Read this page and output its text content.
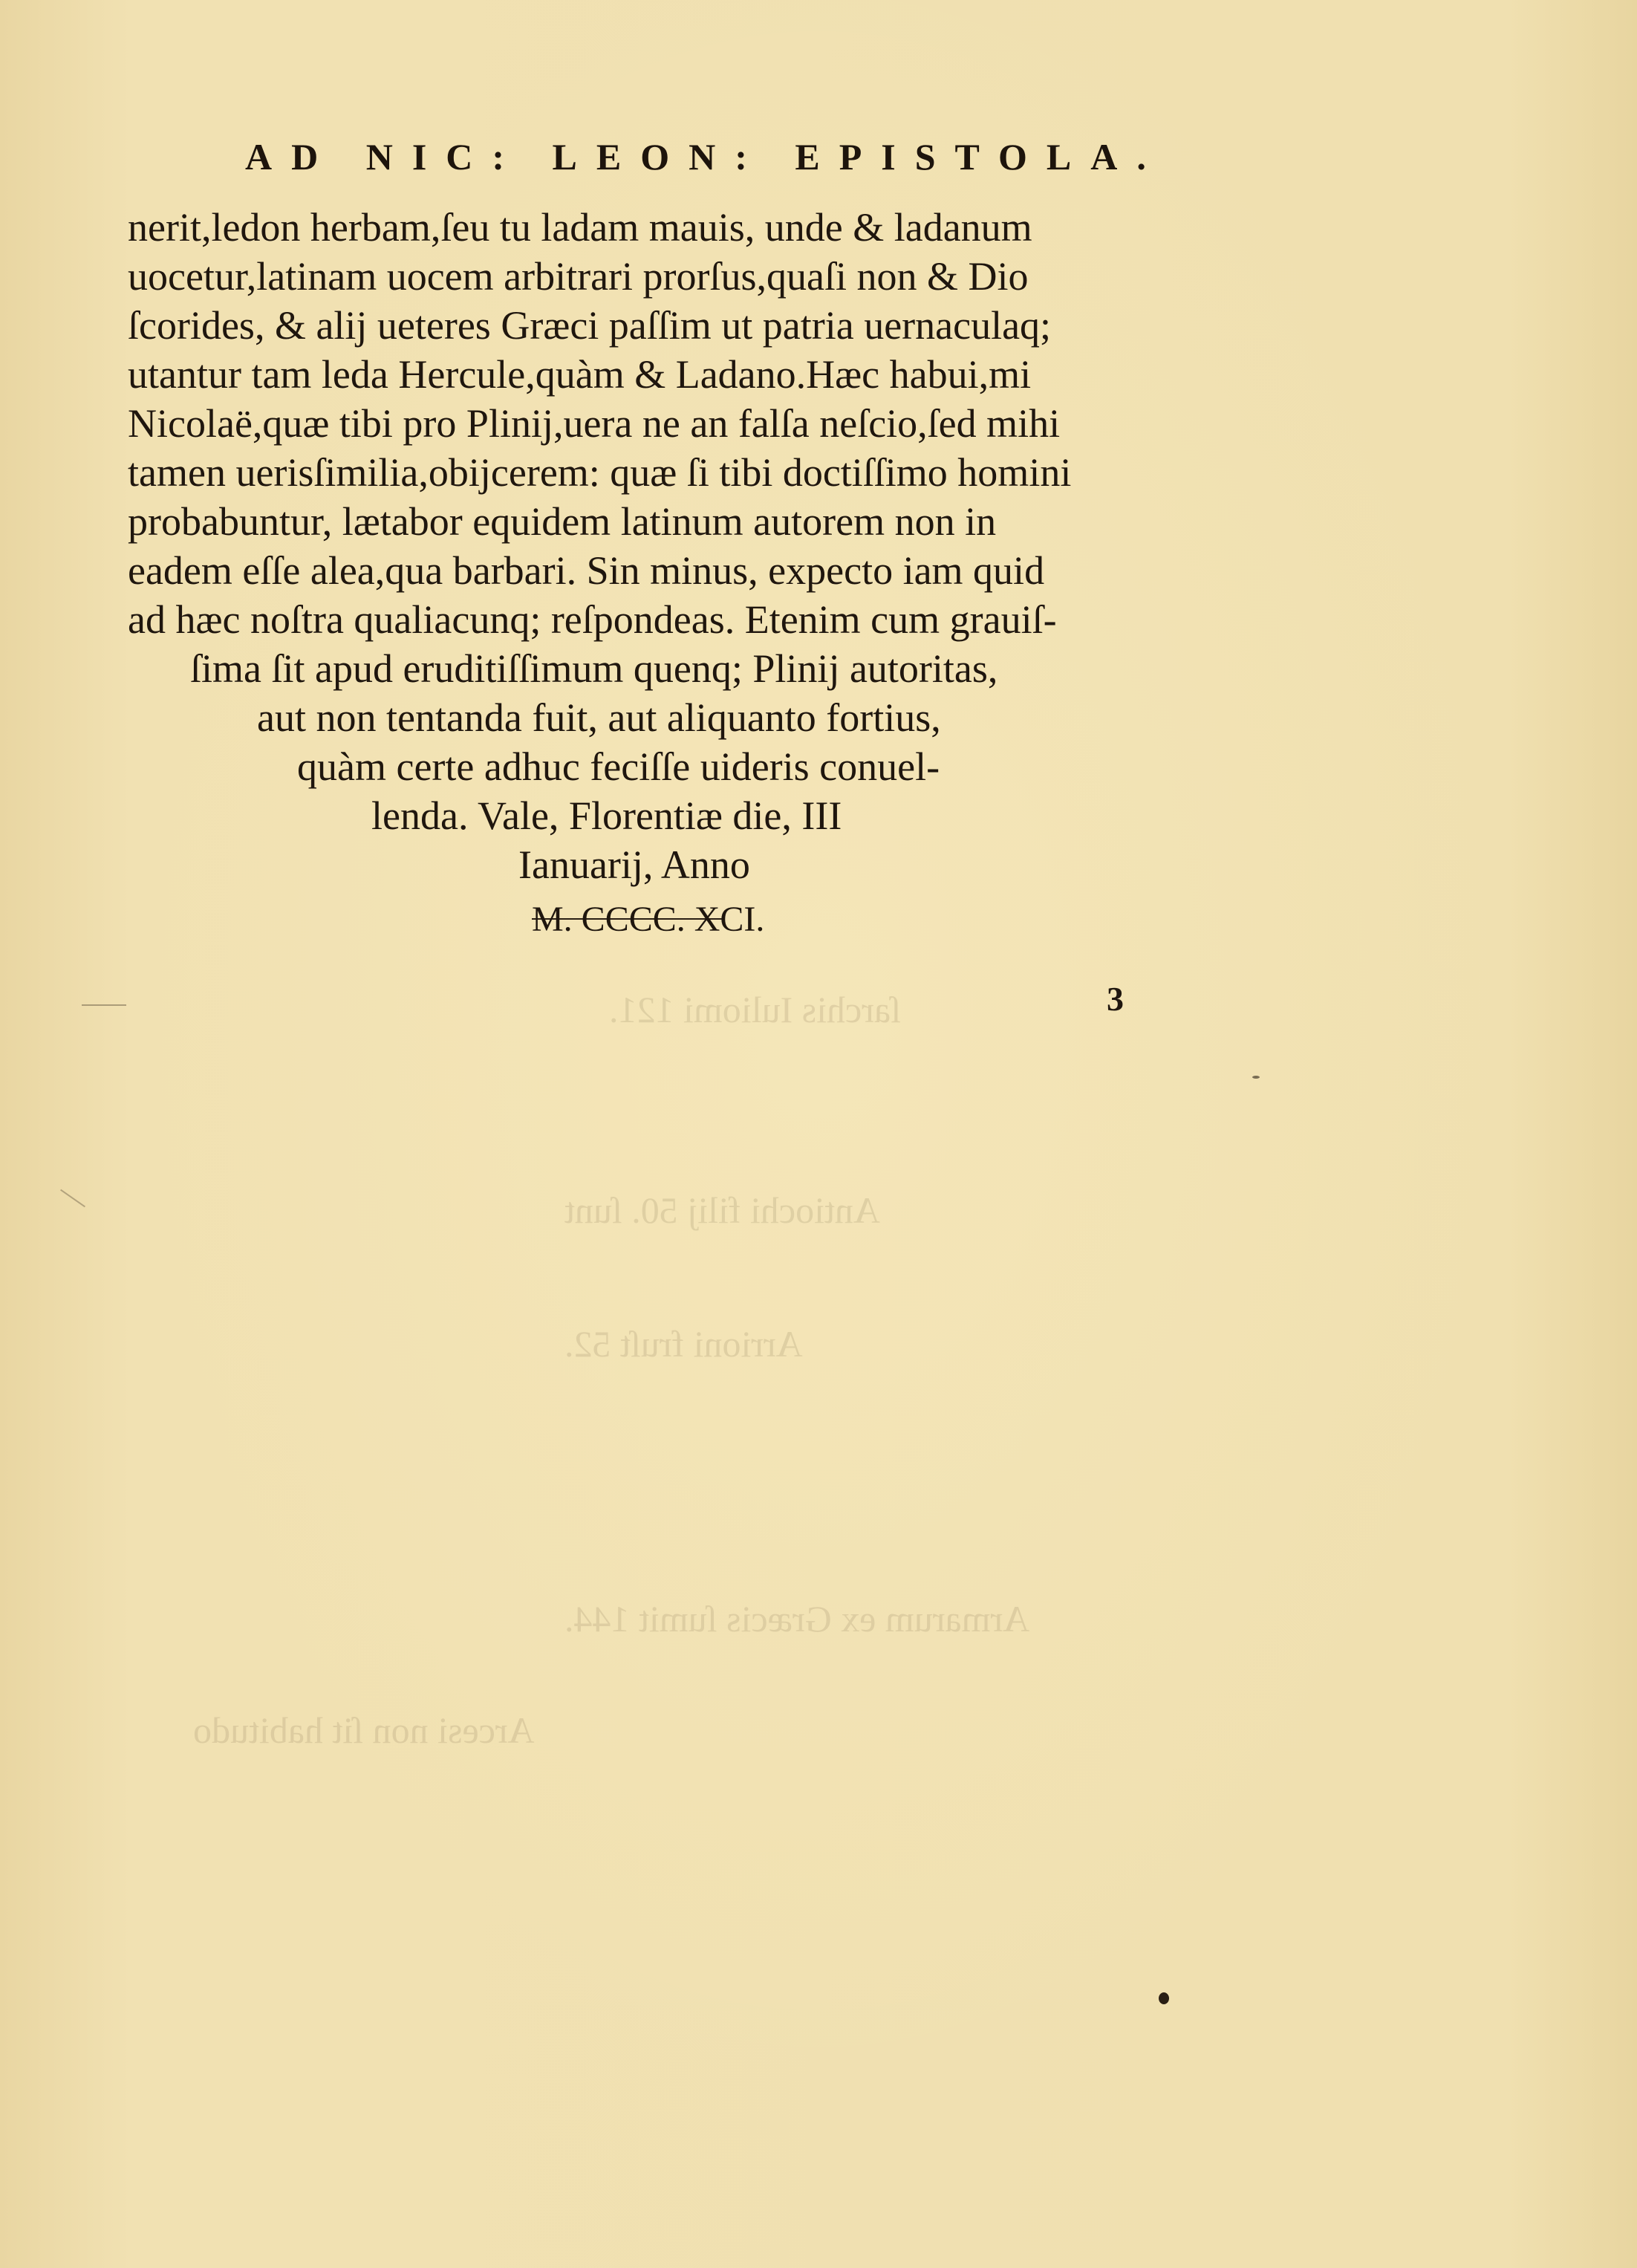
ſarchis Iuliomi 121.
Antiochi filij 50. ſunt
Arrioni fruſt 52.
Armarum ex Græcis ſumit 144.
Arcesi non ſit habitudo
AD NIC: LEON: EPISTOLA.
nerit,ledon herbam,ſeu tu ladam mauis, unde & ladanum
uocetur,latinam uocem arbitrari prorſus,quaſi non & Dio
ſcorides, & alij ueteres Græci paſſim ut patria uernaculaq;
utantur tam leda Hercule,quàm & Ladano.Hæc habui,mi
Nicolaë,quæ tibi pro Plinij,uera ne an falſa neſcio,ſed mihi
tamen uerisſimilia,obijcerem: quæ ſi tibi doctiſſimo homini
probabuntur, lætabor equidem latinum autorem non in
eadem eſſe alea,qua barbari. Sin minus, expecto iam quid
ad hæc noſtra qualiacunq; reſpondeas. Etenim cum grauiſ-
ſima ſit apud eruditiſſimum quenq; Plinij autoritas,
aut non tentanda fuit, aut aliquanto fortius,
quàm certe adhuc feciſſe uideris conuel-
lenda. Vale, Florentiæ die, III
Ianuarij, Anno
M. CCCC. XCI.
3
